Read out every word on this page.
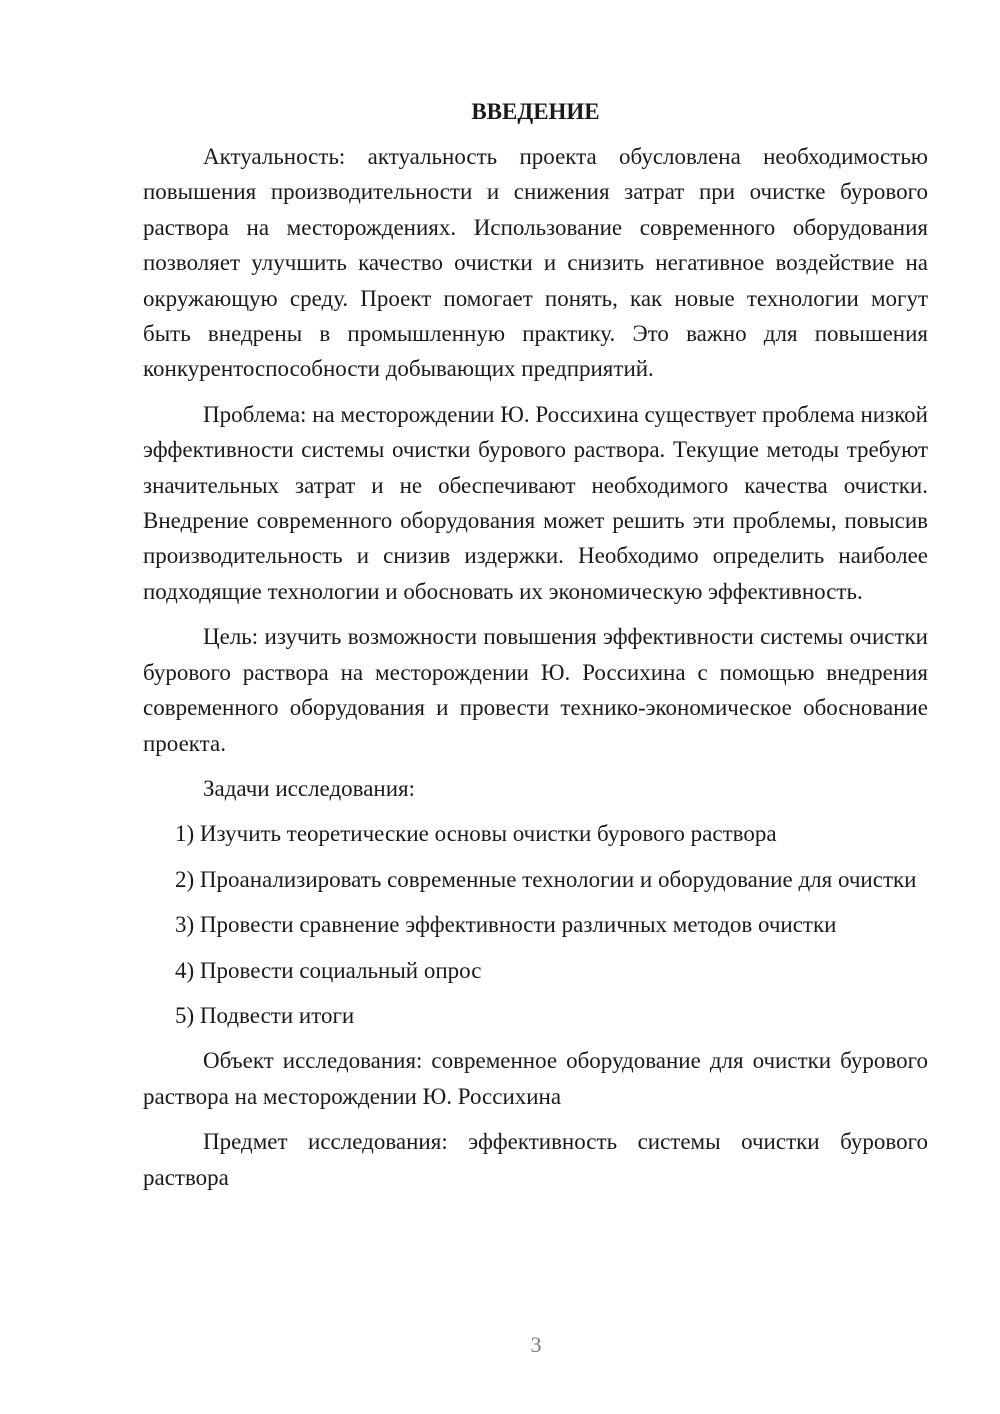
ВВЕДЕНИЕ

Актуальность: актуальность проекта обусловлена необходимостью повышения производительности и снижения затрат при очистке бурового раствора на месторождениях. Использование современного оборудования позволяет улучшить качество очистки и снизить негативное воздействие на окружающую среду. Проект помогает понять, как новые технологии могут быть внедрены в промышленную практику. Это важно для повышения конкурентоспособности добывающих предприятий.

Проблема: на месторождении Ю. Россихина существует проблема низкой эффективности системы очистки бурового раствора. Текущие методы требуют значительных затрат и не обеспечивают необходимого качества очистки. Внедрение современного оборудования может решить эти проблемы, повысив производительность и снизив издержки. Необходимо определить наиболее подходящие технологии и обосновать их экономическую эффективность.

Цель: изучить возможности повышения эффективности системы очистки бурового раствора на месторождении Ю. Россихина с помощью внедрения современного оборудования и провести технико-экономическое обоснование проекта.

Задачи исследования:

1) Изучить теоретические основы очистки бурового раствора
2) Проанализировать современные технологии и оборудование для очистки
3) Провести сравнение эффективности различных методов очистки
4) Провести социальный опрос
5) Подвести итоги

Объект исследования: современное оборудование для очистки бурового раствора на месторождении Ю. Россихина

Предмет исследования: эффективность системы очистки бурового раствора

3
